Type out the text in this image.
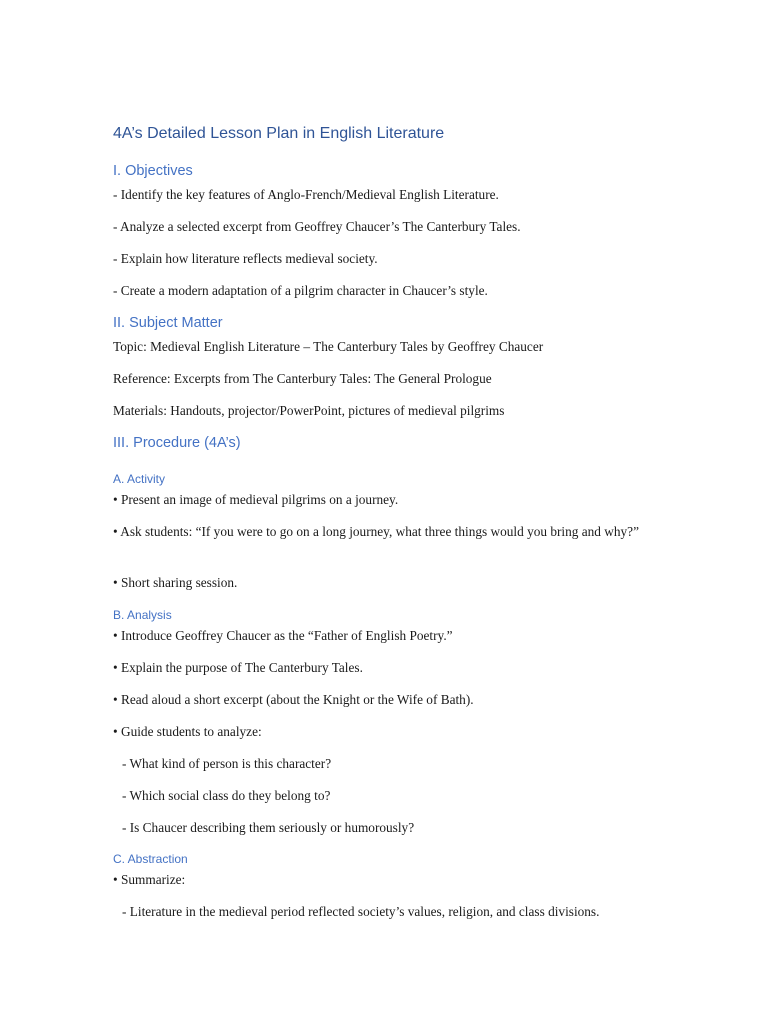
4A’s Detailed Lesson Plan in English Literature
I. Objectives
- Identify the key features of Anglo-French/Medieval English Literature.
- Analyze a selected excerpt from Geoffrey Chaucer’s The Canterbury Tales.
- Explain how literature reflects medieval society.
- Create a modern adaptation of a pilgrim character in Chaucer’s style.
II. Subject Matter
Topic: Medieval English Literature – The Canterbury Tales by Geoffrey Chaucer
Reference: Excerpts from The Canterbury Tales: The General Prologue
Materials: Handouts, projector/PowerPoint, pictures of medieval pilgrims
III. Procedure (4A’s)
A. Activity
• Present an image of medieval pilgrims on a journey.
• Ask students: “If you were to go on a long journey, what three things would you bring and why?”
• Short sharing session.
B. Analysis
• Introduce Geoffrey Chaucer as the “Father of English Poetry.”
• Explain the purpose of The Canterbury Tales.
• Read aloud a short excerpt (about the Knight or the Wife of Bath).
• Guide students to analyze:
- What kind of person is this character?
- Which social class do they belong to?
- Is Chaucer describing them seriously or humorously?
C. Abstraction
• Summarize:
- Literature in the medieval period reflected society’s values, religion, and class divisions.
